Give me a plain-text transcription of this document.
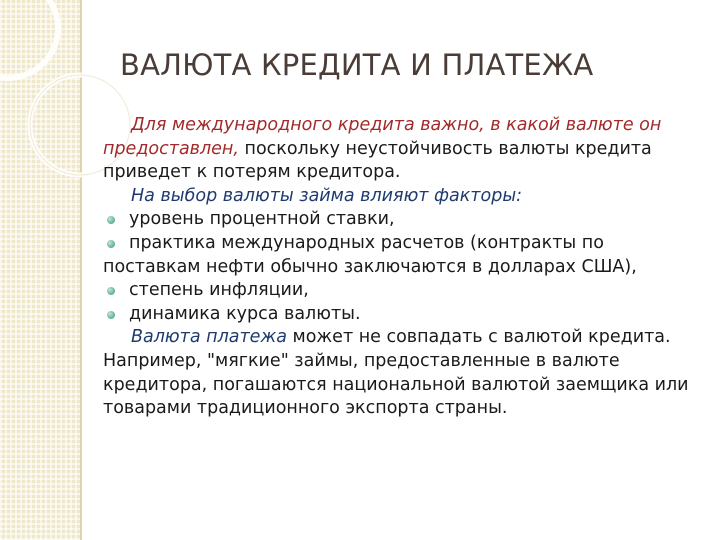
ВАЛЮТА КРЕДИТА И ПЛАТЕЖА

Для международного кредита важно, в какой валюте он предоставлен, поскольку неустойчивость валюты кредита приведет к потерям кредитора.

На выбор валюты займа влияют факторы:

уровень процентной ставки,
практика международных расчетов (контракты по поставкам нефти обычно заключаются в долларах США),
степень инфляции,
динамика курса валюты.

Валюта платежа может не совпадать с валютой кредита. Например, "мягкие" займы, предоставленные в валюте кредитора, погашаются национальной валютой заемщика или товарами традиционного экспорта страны.
